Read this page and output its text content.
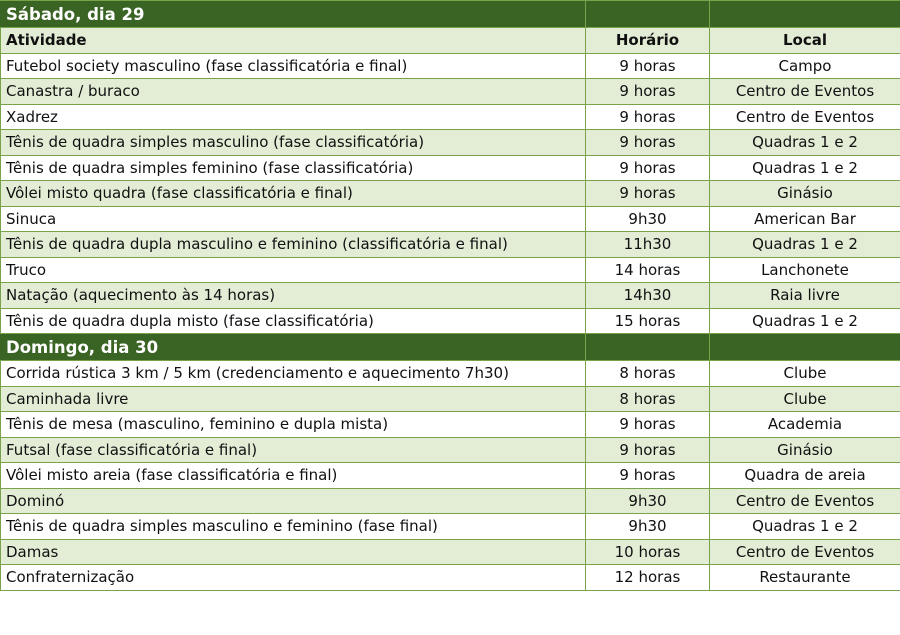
Sábado, dia 29		
Atividade	Horário	Local
Futebol society masculino (fase classificatória e final)	9 horas	Campo
Canastra / buraco	9 horas	Centro de Eventos
Xadrez	9 horas	Centro de Eventos
Tênis de quadra simples masculino (fase classificatória)	9 horas	Quadras 1 e 2
Tênis de quadra simples feminino (fase classificatória)	9 horas	Quadras 1 e 2
Vôlei misto quadra (fase classificatória e final)	9 horas	Ginásio
Sinuca	9h30	American Bar
Tênis de quadra dupla masculino e feminino (classificatória e final)	11h30	Quadras 1 e 2
Truco	14 horas	Lanchonete
Natação (aquecimento às 14 horas)	14h30	Raia livre
Tênis de quadra dupla misto (fase classificatória)	15 horas	Quadras 1 e 2
Domingo, dia 30		
Corrida rústica 3 km / 5 km (credenciamento e aquecimento 7h30)	8 horas	Clube
Caminhada livre	8 horas	Clube
Tênis de mesa (masculino, feminino e dupla mista)	9 horas	Academia
Futsal (fase classificatória e final)	9 horas	Ginásio
Vôlei misto areia (fase classificatória e final)	9 horas	Quadra de areia
Dominó	9h30	Centro de Eventos
Tênis de quadra simples masculino e feminino (fase final)	9h30	Quadras 1 e 2
Damas	10 horas	Centro de Eventos
Confraternização	12 horas	Restaurante
